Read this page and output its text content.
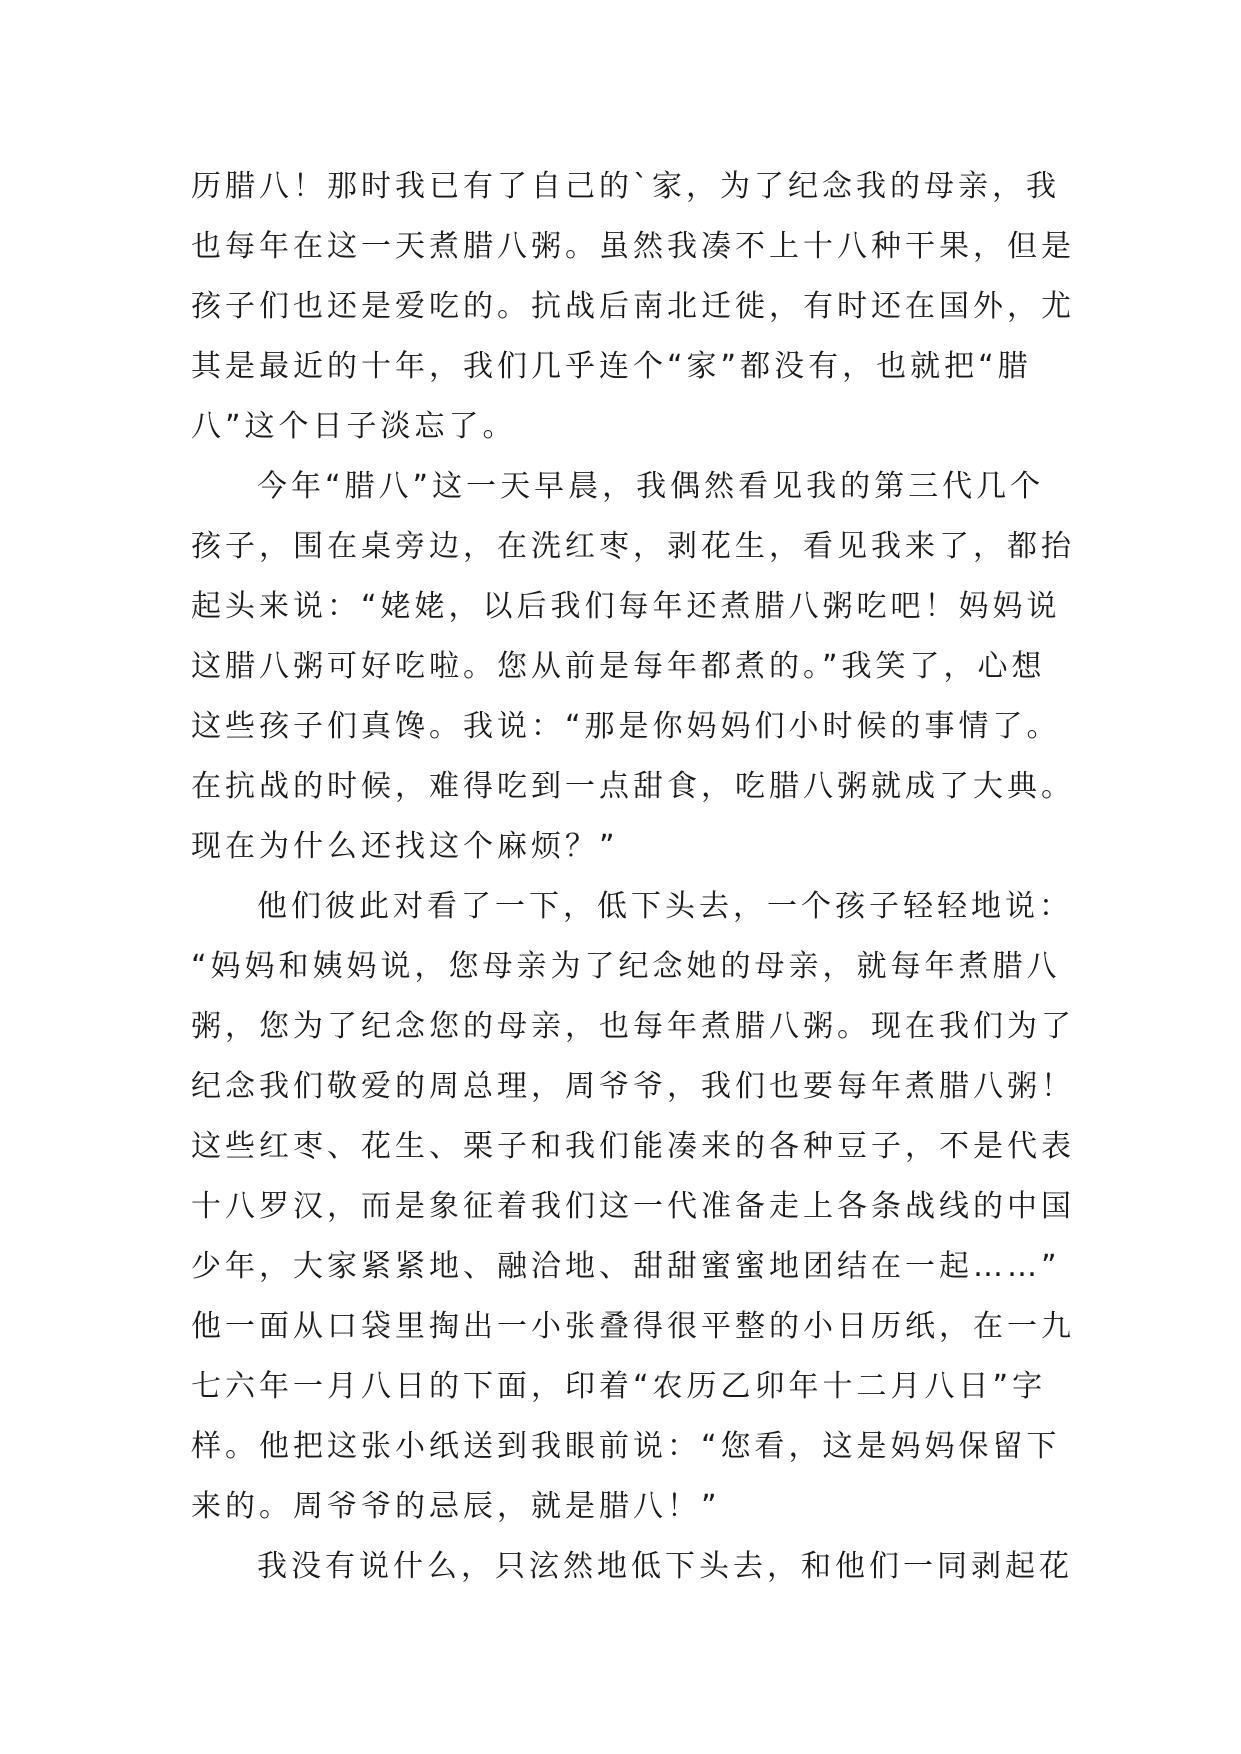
历腊八！那时我已有了自己的`家，为了纪念我的母亲，我
也每年在这一天煮腊八粥。虽然我凑不上十八种干果，但是
孩子们也还是爱吃的。抗战后南北迁徙，有时还在国外，尤
其是最近的十年，我们几乎连个“家”都没有，也就把“腊
八”这个日子淡忘了。
今年“腊八”这一天早晨，我偶然看见我的第三代几个
孩子，围在桌旁边，在洗红枣，剥花生，看见我来了，都抬
起头来说：“姥姥，以后我们每年还煮腊八粥吃吧！妈妈说
这腊八粥可好吃啦。您从前是每年都煮的。”我笑了，心想
这些孩子们真馋。我说：“那是你妈妈们小时候的事情了。
在抗战的时候，难得吃到一点甜食，吃腊八粥就成了大典。
现在为什么还找这个麻烦？”
他们彼此对看了一下，低下头去，一个孩子轻轻地说：
“妈妈和姨妈说，您母亲为了纪念她的母亲，就每年煮腊八
粥，您为了纪念您的母亲，也每年煮腊八粥。现在我们为了
纪念我们敬爱的周总理，周爷爷，我们也要每年煮腊八粥！
这些红枣、花生、栗子和我们能凑来的各种豆子，不是代表
十八罗汉，而是象征着我们这一代准备走上各条战线的中国
少年，大家紧紧地、融洽地、甜甜蜜蜜地团结在一起……”
他一面从口袋里掏出一小张叠得很平整的小日历纸，在一九
七六年一月八日的下面，印着“农历乙卯年十二月八日”字
样。他把这张小纸送到我眼前说：“您看，这是妈妈保留下
来的。周爷爷的忌辰，就是腊八！”
我没有说什么，只泫然地低下头去，和他们一同剥起花
